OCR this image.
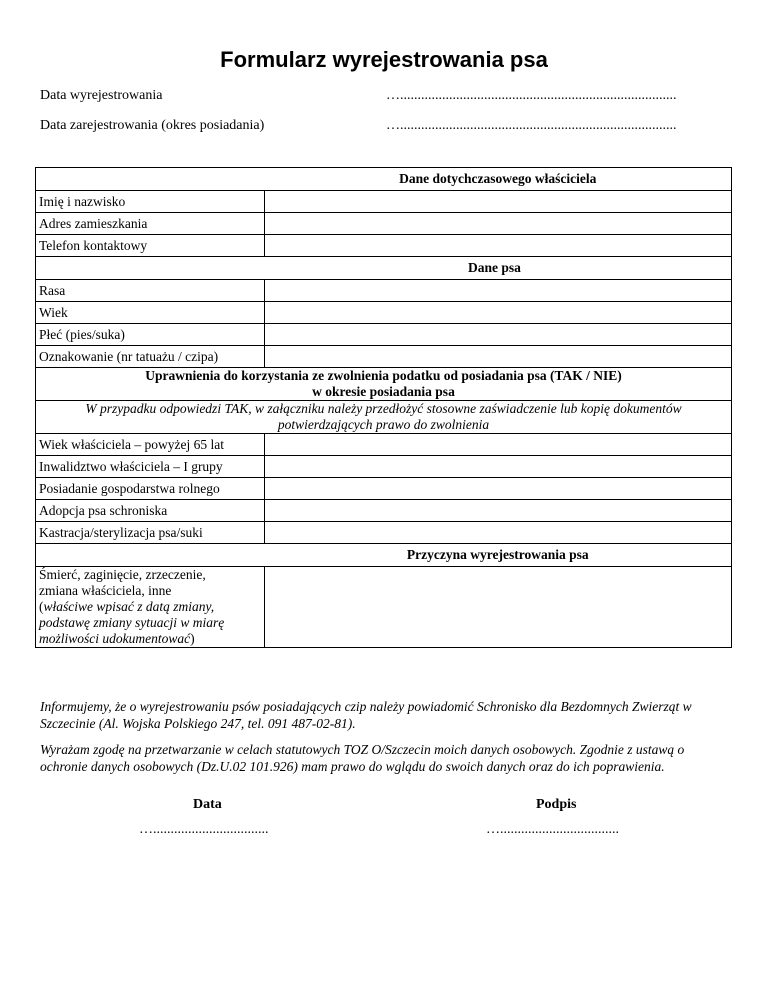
Formularz wyrejestrowania psa
Data wyrejestrowania	…...............................................................................
Data zarejestrowania (okres posiadania)	…...............................................................................
	Dane dotychczasowego właściciela
Imię i nazwisko	
Adres zamieszkania	
Telefon kontaktowy	
Dane psa	
Rasa	
Wiek	
Płeć (pies/suka)	
Oznakowanie (nr tatuażu / czipa)	
Uprawnienia do korzystania ze zwolnienia podatku od posiadania psa (TAK / NIE)
w okresie posiadania psa	
W przypadku odpowiedzi TAK, w załączniku należy przedłożyć stosowne zaświadczenie lub kopię dokumentów potwierdzających prawo do zwolnienia	
Wiek właściciela – powyżej 65 lat	
Inwalidztwo właściciela – I grupy	
Posiadanie gospodarstwa rolnego	
Adopcja psa schroniska	
Kastracja/sterylizacja psa/suki	
	Przyczyna wyrejestrowania psa
Śmierć, zaginięcie, zrzeczenie,
zmiana właściciela, inne
(właściwe wpisać z datą zmiany,
podstawę zmiany sytuacji w miarę
możliwości udokumentować)	
Informujemy, że o wyrejestrowaniu psów posiadających czip należy powiadomić Schronisko dla Bezdomnych Zwierząt w Szczecinie (Al. Wojska Polskiego 247, tel. 091 487-02-81).
Wyrażam zgodę na przetwarzanie w celach statutowych TOZ O/Szczecin moich danych osobowych. Zgodnie z ustawą o ochronie danych osobowych (Dz.U.02 101.926) mam prawo do wglądu do swoich danych oraz do ich poprawienia.
Data
….................................
Podpis
…..................................
